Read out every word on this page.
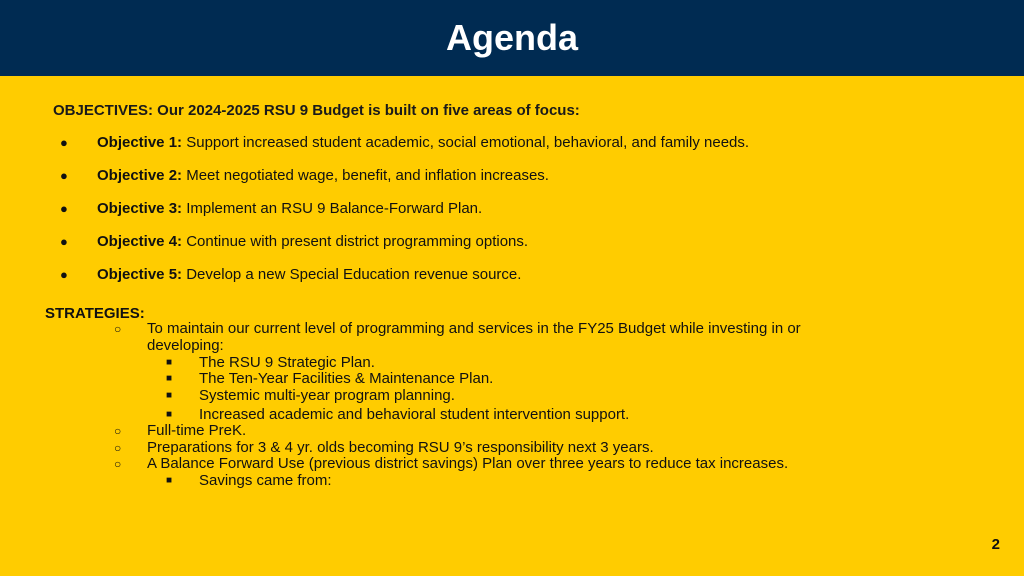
Agenda
OBJECTIVES: Our 2024-2025 RSU 9 Budget is built on five areas of focus:
● Objective 1: Support increased student academic, social emotional, behavioral, and family needs.
● Objective 2: Meet negotiated wage, benefit, and inflation increases.
● Objective 3: Implement an RSU 9 Balance-Forward Plan.
● Objective 4: Continue with present district programming options.
● Objective 5: Develop a new Special Education revenue source.
STRATEGIES:
○ To maintain our current level of programming and services in the FY25 Budget while investing in or
developing:
■ The RSU 9 Strategic Plan.
■ The Ten-Year Facilities & Maintenance Plan.
■ Systemic multi-year program planning.
■ Increased academic and behavioral student intervention support.
○ Full-time PreK.
○ Preparations for 3 & 4 yr. olds becoming RSU 9’s responsibility next 3 years.
○ A Balance Forward Use (previous district savings) Plan over three years to reduce tax increases.
■ Savings came from:
2
